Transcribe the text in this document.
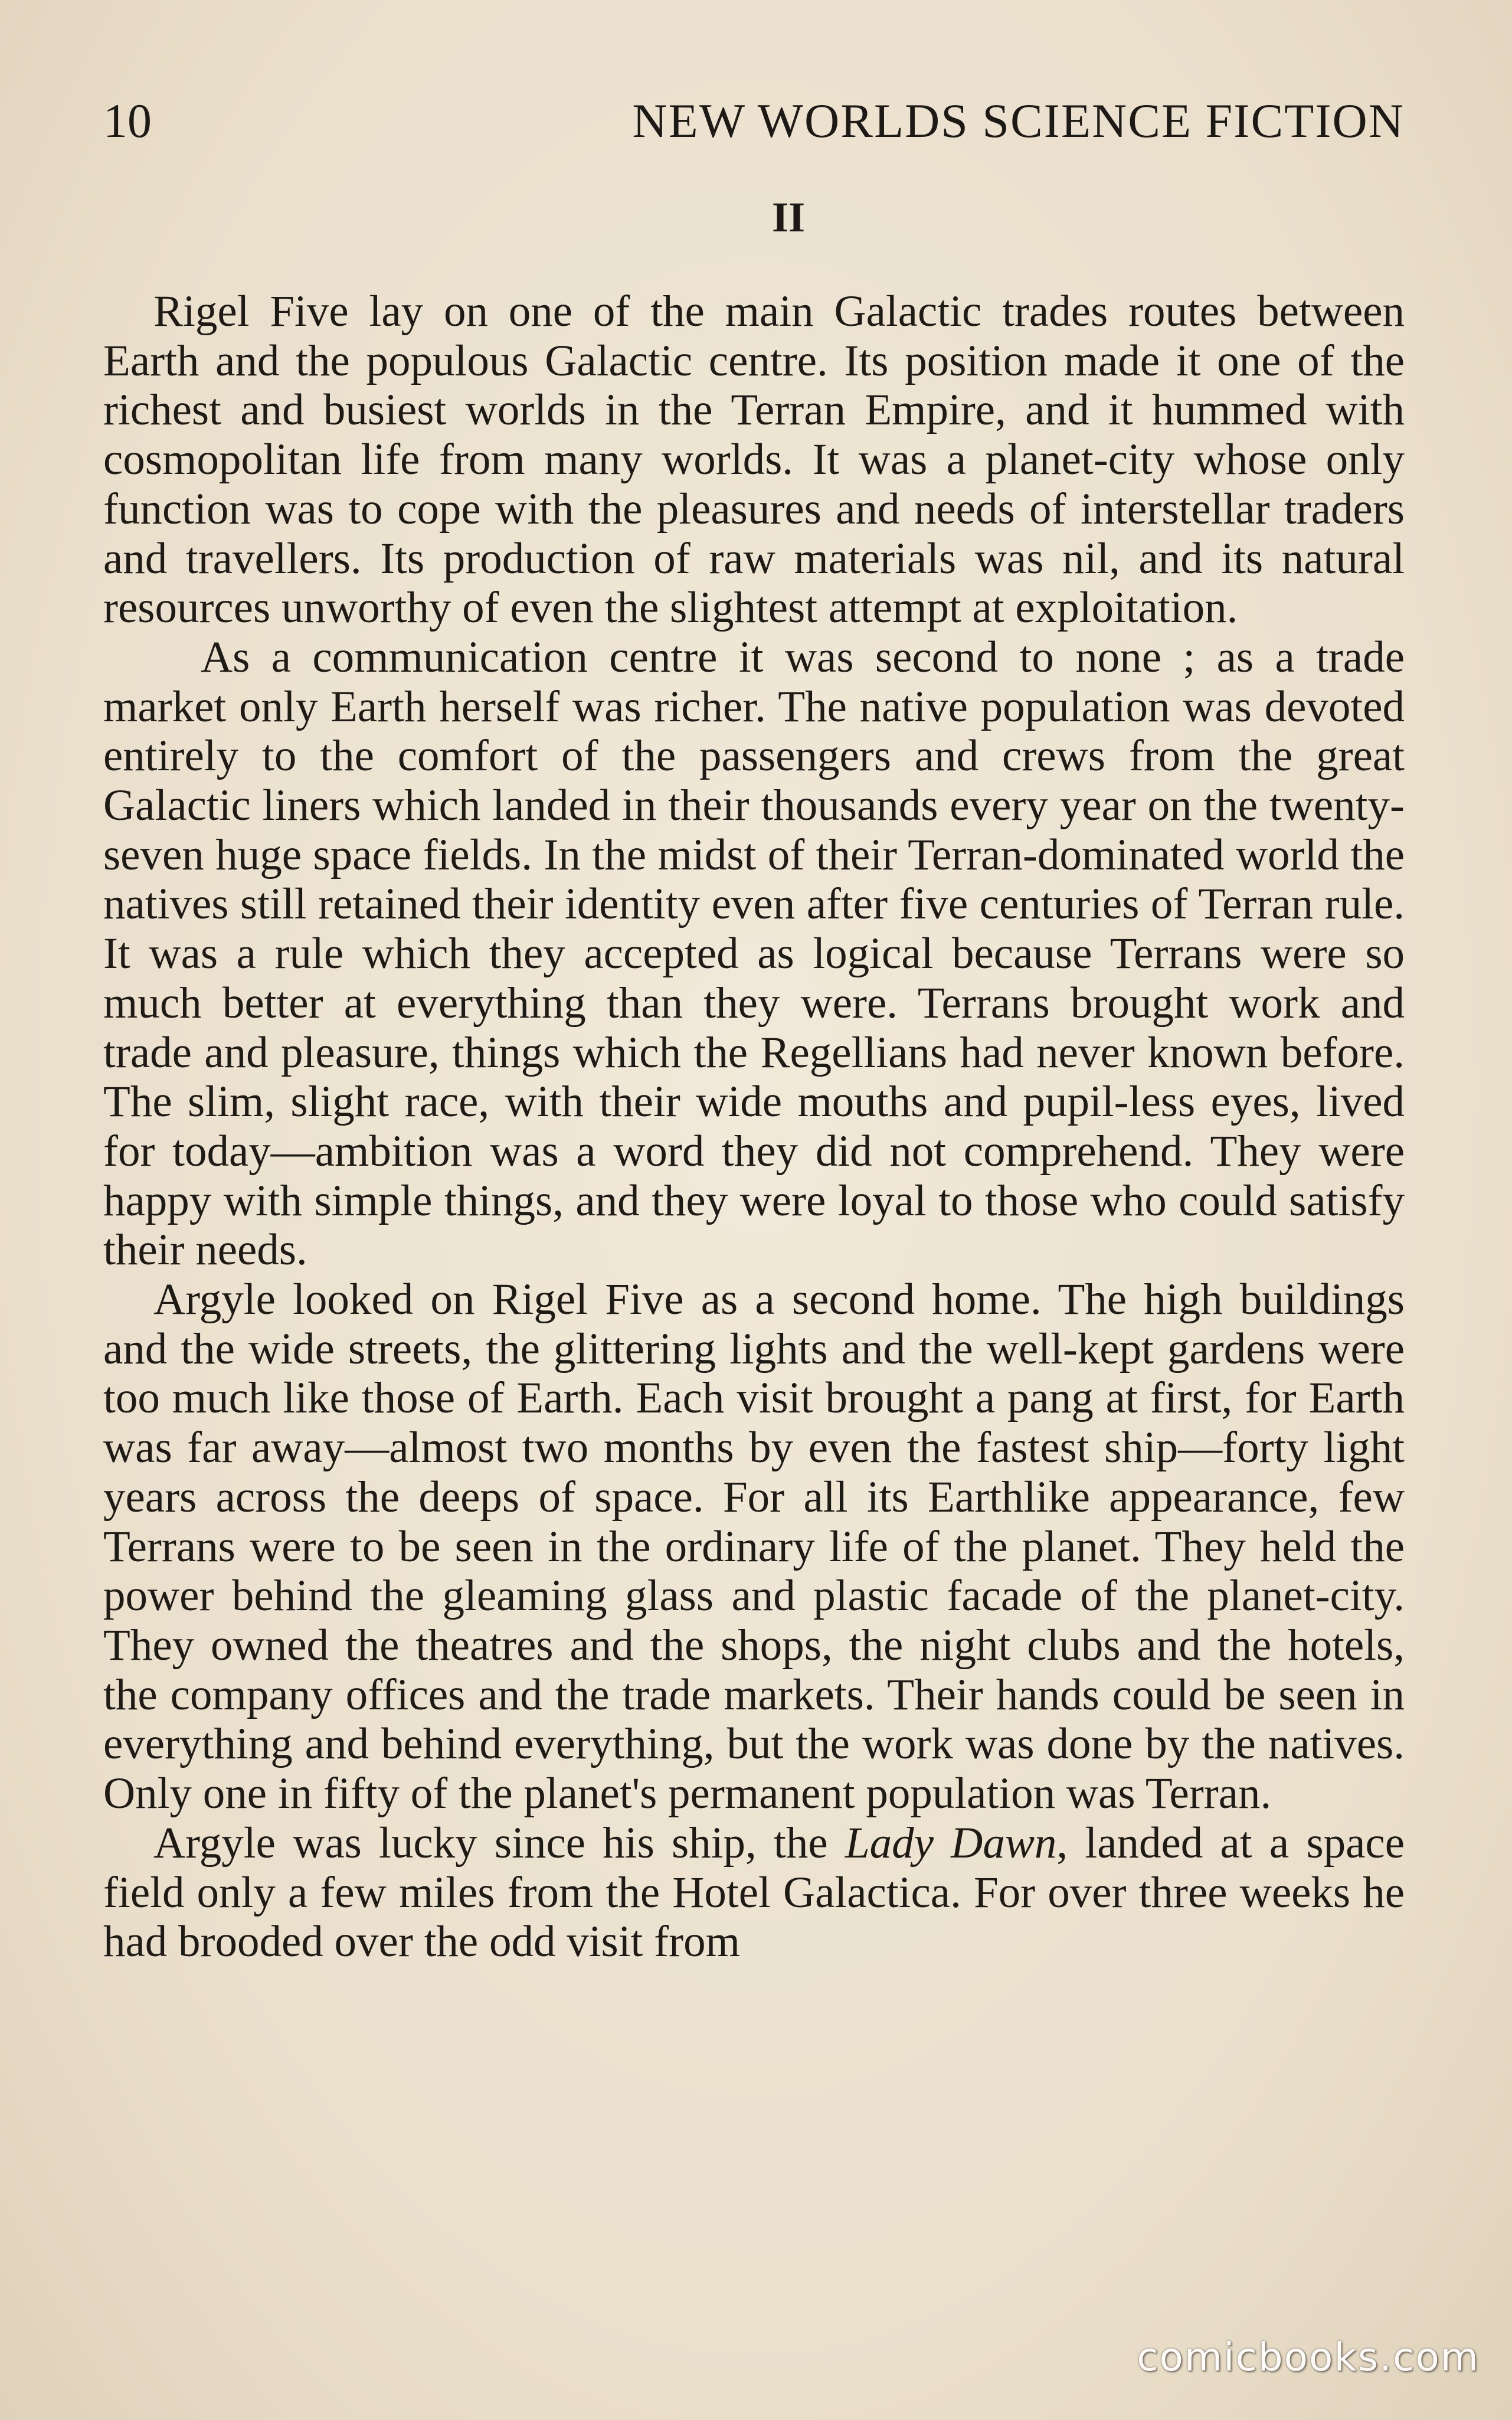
10	NEW WORLDS SCIENCE FICTION
II

Rigel Five lay on one of the main Galactic trades routes between Earth and the populous Galactic centre. Its position made it one of the richest and busiest worlds in the Terran Empire, and it hummed with cosmopolitan life from many worlds. It was a planet-city whose only function was to cope with the pleasures and needs of interstellar traders and travellers. Its production of raw materials was nil, and its natural resources unworthy of even the slightest attempt at exploitation.

As a communication centre it was second to none ; as a trade market only Earth herself was richer. The native population was devoted entirely to the comfort of the passengers and crews from the great Galactic liners which landed in their thousands every year on the twenty-seven huge space fields. In the midst of their Terran-dominated world the natives still retained their identity even after five centuries of Terran rule. It was a rule which they accepted as logical because Terrans were so much better at everything than they were. Terrans brought work and trade and pleasure, things which the Regellians had never known before. The slim, slight race, with their wide mouths and pupil-less eyes, lived for today—ambition was a word they did not comprehend. They were happy with simple things, and they were loyal to those who could satisfy their needs.

Argyle looked on Rigel Five as a second home. The high buildings and the wide streets, the glittering lights and the well-kept gardens were too much like those of Earth. Each visit brought a pang at first, for Earth was far away—almost two months by even the fastest ship—forty light years across the deeps of space. For all its Earthlike appearance, few Terrans were to be seen in the ordinary life of the planet. They held the power behind the gleaming glass and plastic facade of the planet-city. They owned the theatres and the shops, the night clubs and the hotels, the company offices and the trade markets. Their hands could be seen in everything and behind everything, but the work was done by the natives. Only one in fifty of the planet's permanent population was Terran.

Argyle was lucky since his ship, the Lady Dawn, landed at a space field only a few miles from the Hotel Galactica. For over three weeks he had brooded over the odd visit from

comicbooks.com
